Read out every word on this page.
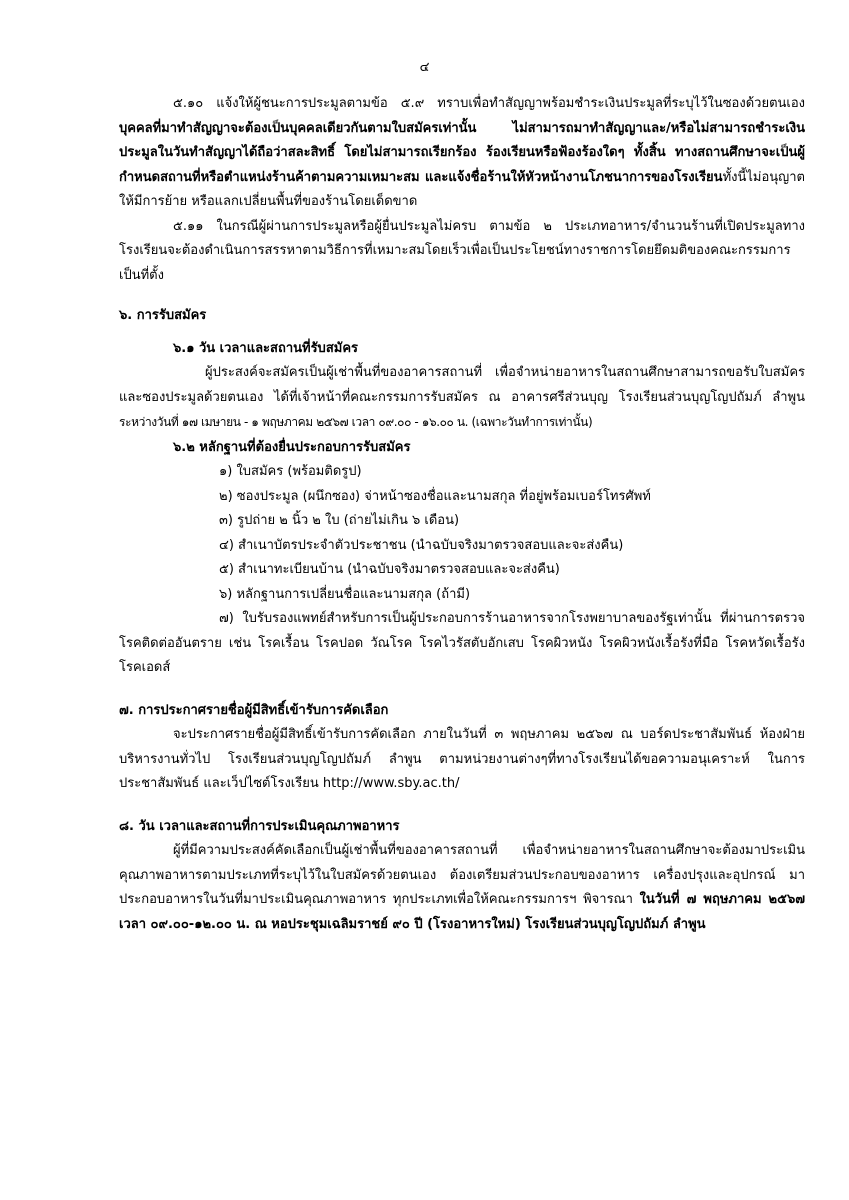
๔

๕.๑๐ แจ้งให้ผู้ชนะการประมูลตามข้อ ๕.๙ ทราบเพื่อทำสัญญาพร้อมชำระเงินประมูลที่ระบุไว้ในซองด้วยตนเอง บุคคลที่มาทำสัญญาจะต้องเป็นบุคคลเดียวกันตามใบสมัครเท่านั้น ไม่สามารถมาทำสัญญาและ/หรือไม่สามารถชำระเงินประมูลในวันทำสัญญาได้ถือว่าสละสิทธิ์ โดยไม่สามารถเรียกร้อง ร้องเรียนหรือฟ้องร้องใดๆ ทั้งสิ้น ทางสถานศึกษาจะเป็นผู้กำหนดสถานที่หรือตำแหน่งร้านค้าตามความเหมาะสม และแจ้งชื่อร้านให้หัวหน้างานโภชนาการของโรงเรียนทั้งนี้ไม่อนุญาตให้มีการย้าย หรือแลกเปลี่ยนพื้นที่ของร้านโดยเด็ดขาด

๕.๑๑ ในกรณีผู้ผ่านการประมูลหรือผู้ยื่นประมูลไม่ครบ ตามข้อ ๒ ประเภทอาหาร/จำนวนร้านที่เปิดประมูลทางโรงเรียนจะต้องดำเนินการสรรหาตามวิธีการที่เหมาะสมโดยเร็วเพื่อเป็นประโยชน์ทางราชการโดยยึดมติของคณะกรรมการเป็นที่ตั้ง

๖. การรับสมัคร

๖.๑ วัน เวลาและสถานที่รับสมัคร

ผู้ประสงค์จะสมัครเป็นผู้เช่าพื้นที่ของอาคารสถานที่ เพื่อจำหน่ายอาหารในสถานศึกษาสามารถขอรับใบสมัครและซองประมูลด้วยตนเอง ได้ที่เจ้าหน้าที่คณะกรรมการรับสมัคร ณ อาคารศรีส่วนบุญ โรงเรียนส่วนบุญโญปถัมภ์ ลำพูน ระหว่างวันที่ ๑๗ เมษายน - ๑ พฤษภาคม ๒๕๖๗ เวลา ๐๙.๐๐ - ๑๖.๐๐ น. (เฉพาะวันทำการเท่านั้น)

๖.๒ หลักฐานที่ต้องยื่นประกอบการรับสมัคร

๑) ใบสมัคร (พร้อมติดรูป)

๒) ซองประมูล (ผนึกซอง) จ่าหน้าซองชื่อและนามสกุล ที่อยู่พร้อมเบอร์โทรศัพท์

๓) รูปถ่าย ๒ นิ้ว ๒ ใบ (ถ่ายไม่เกิน ๖ เดือน)

๔) สำเนาบัตรประจำตัวประชาชน (นำฉบับจริงมาตรวจสอบและจะส่งคืน)

๕) สำเนาทะเบียนบ้าน (นำฉบับจริงมาตรวจสอบและจะส่งคืน)

๖) หลักฐานการเปลี่ยนชื่อและนามสกุล (ถ้ามี)

๗) ใบรับรองแพทย์สำหรับการเป็นผู้ประกอบการร้านอาหารจากโรงพยาบาลของรัฐเท่านั้น ที่ผ่านการตรวจโรคติดต่ออันตราย เช่น โรคเรื้อน โรคปอด วัณโรค โรคไวรัสตับอักเสบ โรคผิวหนัง โรคผิวหนังเรื้อรังที่มือ โรคหวัดเรื้อรัง โรคเอดส์

๗. การประกาศรายชื่อผู้มีสิทธิ์เข้ารับการคัดเลือก

จะประกาศรายชื่อผู้มีสิทธิ์เข้ารับการคัดเลือก ภายในวันที่ ๓ พฤษภาคม ๒๕๖๗ ณ บอร์ดประชาสัมพันธ์ ห้องฝ่ายบริหารงานทั่วไป โรงเรียนส่วนบุญโญปถัมภ์ ลำพูน ตามหน่วยงานต่างๆที่ทางโรงเรียนได้ขอความอนุเคราะห์ ในการประชาสัมพันธ์ และเว็ปไซต์โรงเรียน http://www.sby.ac.th/

๘. วัน เวลาและสถานที่การประเมินคุณภาพอาหาร

ผู้ที่มีความประสงค์คัดเลือกเป็นผู้เช่าพื้นที่ของอาคารสถานที่ เพื่อจำหน่ายอาหารในสถานศึกษาจะต้องมาประเมินคุณภาพอาหารตามประเภทที่ระบุไว้ในใบสมัครด้วยตนเอง ต้องเตรียมส่วนประกอบของอาหาร เครื่องปรุงและอุปกรณ์ มาประกอบอาหารในวันที่มาประเมินคุณภาพอาหาร ทุกประเภทเพื่อให้คณะกรรมการฯ พิจารณา ในวันที่ ๗ พฤษภาคม ๒๕๖๗ เวลา ๐๙.๐๐-๑๒.๐๐ น. ณ หอประชุมเฉลิมราชย์ ๙๐ ปี (โรงอาหารใหม่) โรงเรียนส่วนบุญโญปถัมภ์ ลำพูน
